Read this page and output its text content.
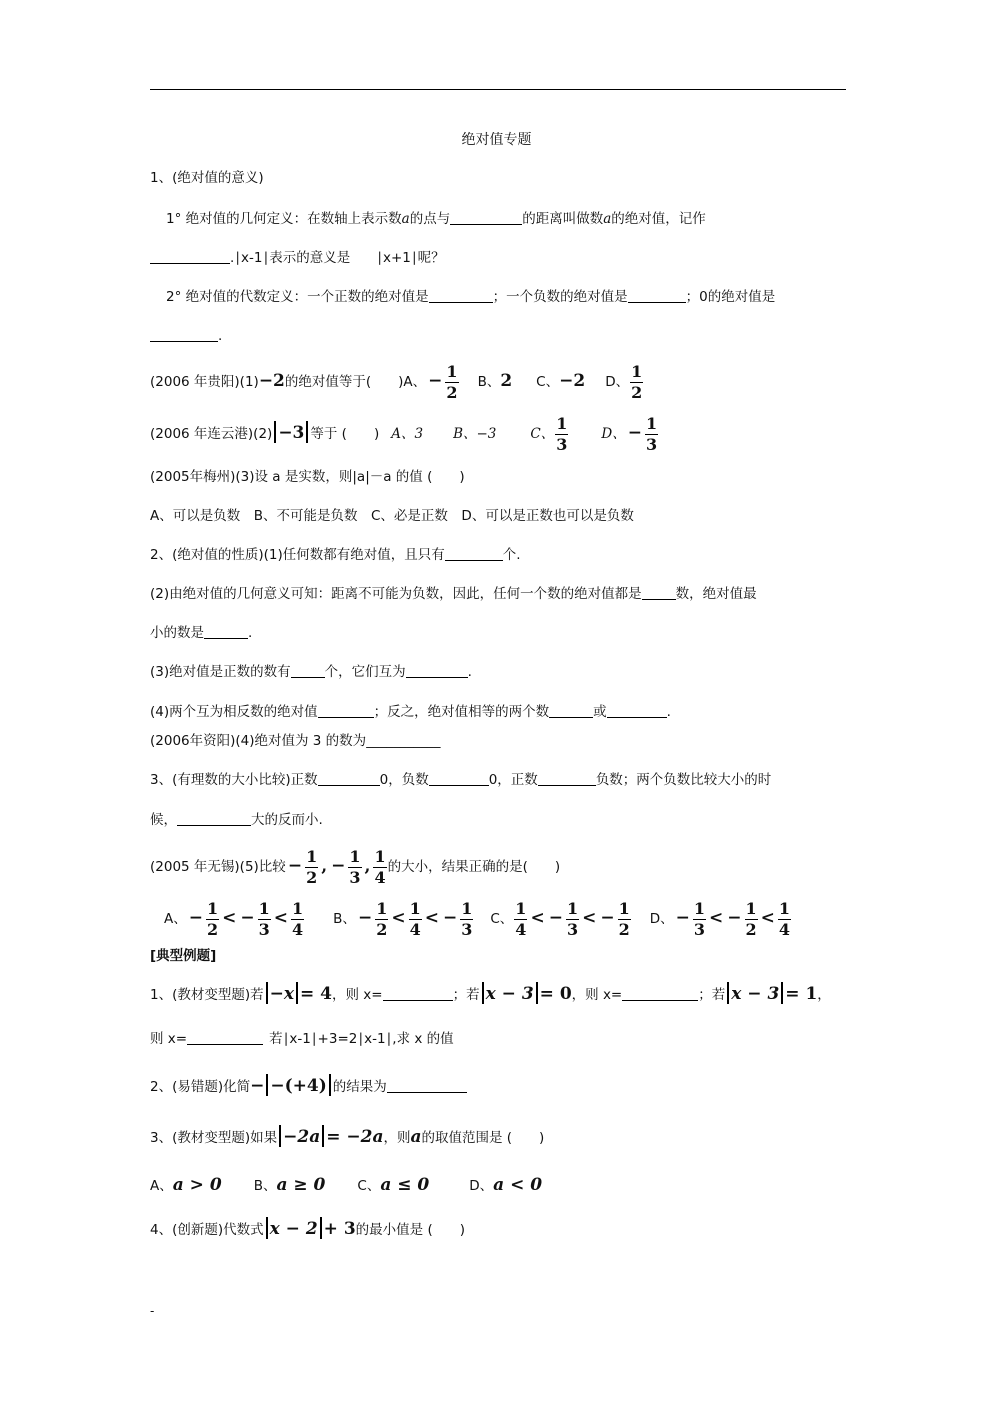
绝对值专题
1、(绝对值的意义)
1° 绝对值的几何定义：在数轴上表示数a的点与	的距离叫做数a的绝对值，记作
.∣x-1∣表示的意义是 ∣x+1∣呢？
2° 绝对值的代数定义：一个正数的绝对值是	；一个负数的绝对值是	；0的绝对值是
.
(2006 年贵阳)(1)−2的绝对值等于(　　)A、 − $\frac{1}{2}$ B、2 C、−2 D、 $\frac{1}{2}$
(2006 年连云港)(2) −3 等于 (　　) A、3 B、−3	C、 $\frac{1}{3}$ D、 − $\frac{1}{3}$
(2005年梅州)(3)设 a 是实数，则|a|－a 的值 (　　)
A、可以是负数　B、不可能是负数　C、必是正数　D、可以是正数也可以是负数
2、(绝对值的性质)(1)任何数都有绝对值，且只有	个.
(2)由绝对值的几何意义可知：距离不可能为负数，因此，任何一个数的绝对值都是	数，绝对值最
小的数是	.
(3)绝对值是正数的数有	个，它们互为	.
(4)两个互为相反数的绝对值	；反之，绝对值相等的两个数	或	.
(2006年资阳)(4)绝对值为 3 的数为___________
3、(有理数的大小比较)正数	0，负数	0，正数	负数；两个负数比较大小的时
候，	大的反而小.
(2005 年无锡)(5)比较 − $\frac{1}{2}$ , − $\frac{1}{3}$ , $\frac{1}{4}$ 的大小，结果正确的是(　　)
A、 − $\frac{1}{2}$ < − $\frac{1}{3} < \frac{1}{4}$ B、 − $\frac{1}{2} < \frac{1}{4}$ < − $\frac{1}{3}$ C、 $\frac{1}{4}$ < − $\frac{1}{3}$ < − $\frac{1}{2}$ D、 − $\frac{1}{3}$ < − $\frac{1}{2} < \frac{1}{4}$
[典型例题]
1、(教材变型题)若 −x = 4，则 x=	；若 x − 3 = 0，则 x=	；若 x − 3 = 1，
则 x=	若∣x-1∣+3=2∣x-1∣,求 x 的值
2、(易错题)化简− −(+4) 的结果为
3、(教材变型题)如果 −2a = −2a，则a的取值范围是 (　　)
A、a > 0 B、a ≥ 0 C、a ≤ 0	D、a < 0
4、(创新题)代数式 x − 2 + 3的最小值是 (　　)
-
